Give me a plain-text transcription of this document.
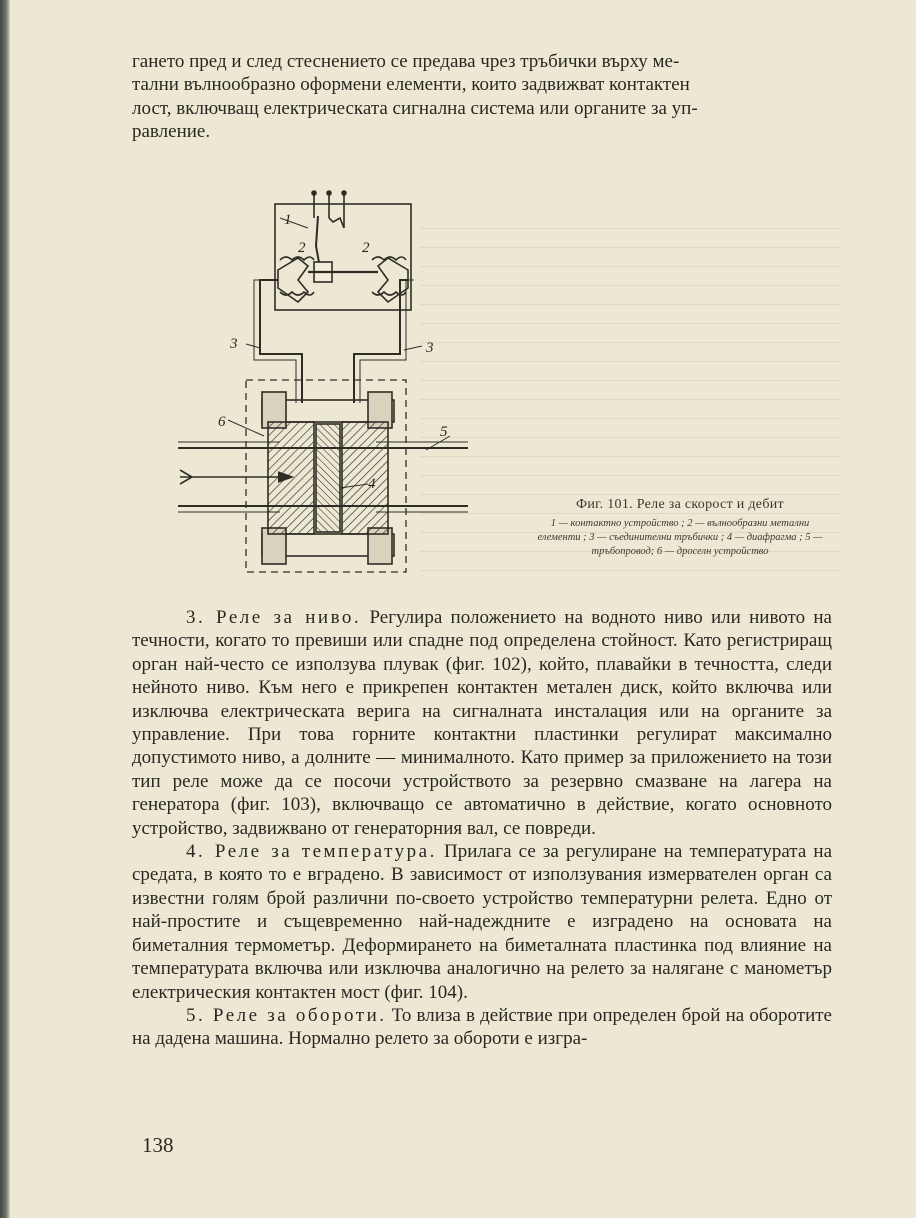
гането пред и след стеснението се предава чрез тръбички върху ме-
тални вълнообразно оформени елементи, които задвижват контактен
лост, включващ електрическата сигнална система или органите за уп-
равление.

1
2	2
3	3
4
5
6
Фиг. 101. Реле за скорост и дебит
1 — контактно устройство ; 2 — вълнообразни метални елементи ; 3 — съединителни тръбички ; 4 — диафрагма ; 5 — тръбопровод; 6 — дроселн устройство

3. Реле за ниво. Регулира положението на водното ниво или нивото на течности, когато то превиши или спадне под определена стойност. Като регистриращ орган най-често се използува плувак (фиг. 102), който, плавайки в течността, следи нейното ниво. Към него е прикрепен контактен метален диск, който включва или изключва електрическата верига на сигналната инсталация или на органите за управление. При това горните контактни пластинки регулират максимално допустимото ниво, а долните — минималното. Като пример за приложението на този тип реле може да се посочи устройството за резервно смазване на лагера на генератора (фиг. 103), включващо се автоматично в действие, когато основното устройство, задвижвано от генераторния вал, се повреди.

4. Реле за температура. Прилага се за регулиране на температурата на средата, в която то е вградено. В зависимост от използувания измервателен орган са известни голям брой различни по-своето устройство температурни релета. Едно от най-простите и същевременно най-надеждните е изградено на основата на биметалния термометър. Деформирането на биметалната пластинка под влияние на температурата включва или изключва аналогично на релето за налягане с манометър електрическия контактен мост (фиг. 104).

5. Реле за обороти. То влиза в действие при определен брой на оборотите на дадена машина. Нормално релето за обороти е изгра-

138
